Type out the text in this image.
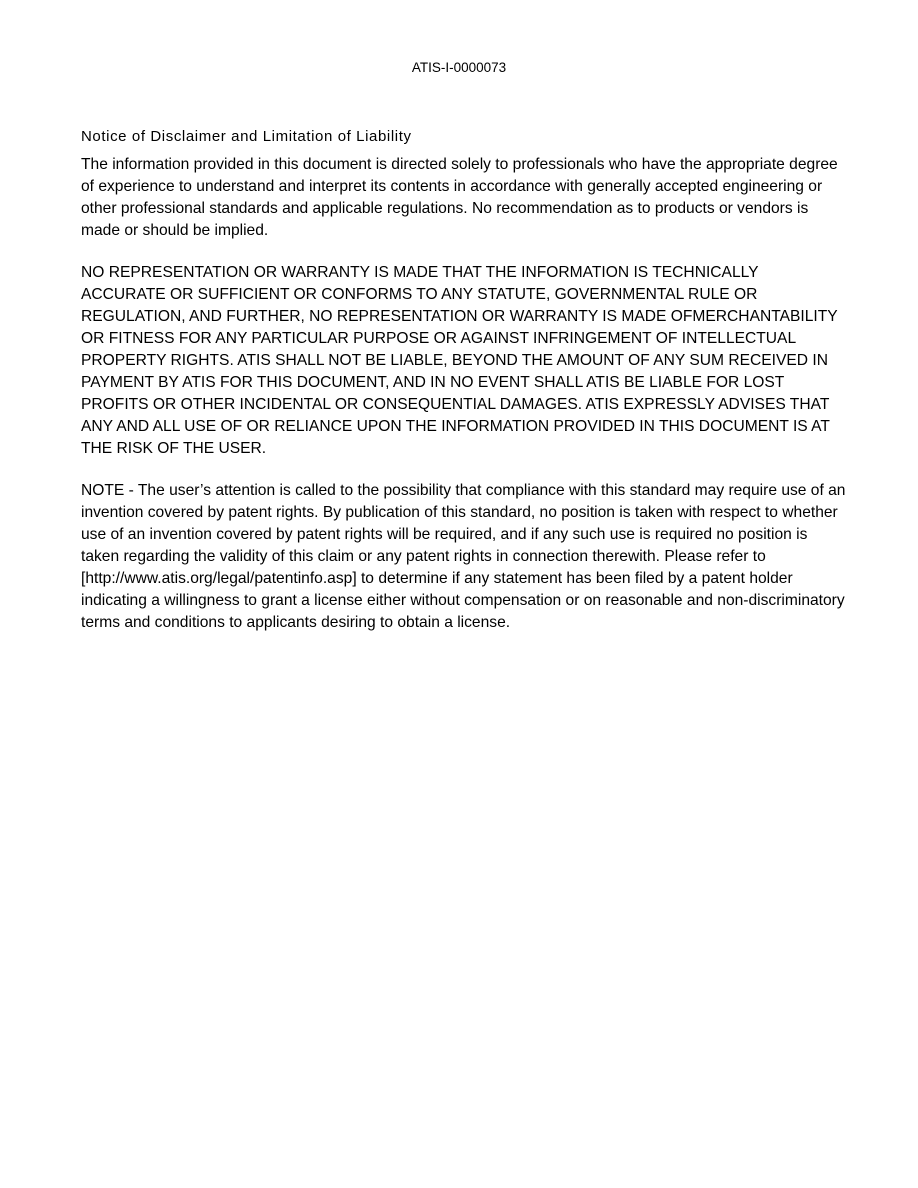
ATIS-I-0000073
Notice of Disclaimer and Limitation of Liability

The information provided in this document is directed solely to professionals who have the appropriate degree of experience to understand and interpret its contents in accordance with generally accepted engineering or other professional standards and applicable regulations. No recommendation as to products or vendors is made or should be implied.

NO REPRESENTATION OR WARRANTY IS MADE THAT THE INFORMATION IS TECHNICALLY ACCURATE OR SUFFICIENT OR CONFORMS TO ANY STATUTE, GOVERNMENTAL RULE OR REGULATION, AND FURTHER, NO REPRESENTATION OR WARRANTY IS MADE OFMERCHANTABILITY OR FITNESS FOR ANY PARTICULAR PURPOSE OR AGAINST INFRINGEMENT OF INTELLECTUAL PROPERTY RIGHTS. ATIS SHALL NOT BE LIABLE, BEYOND THE AMOUNT OF ANY SUM RECEIVED IN PAYMENT BY ATIS FOR THIS DOCUMENT, AND IN NO EVENT SHALL ATIS BE LIABLE FOR LOST PROFITS OR OTHER INCIDENTAL OR CONSEQUENTIAL DAMAGES. ATIS EXPRESSLY ADVISES THAT ANY AND ALL USE OF OR RELIANCE UPON THE INFORMATION PROVIDED IN THIS DOCUMENT IS AT THE RISK OF THE USER.

NOTE - The user’s attention is called to the possibility that compliance with this standard may require use of an invention covered by patent rights. By publication of this standard, no position is taken with respect to whether use of an invention covered by patent rights will be required, and if any such use is required no position is taken regarding the validity of this claim or any patent rights in connection therewith. Please refer to [http://www.atis.org/legal/patentinfo.asp] to determine if any statement has been filed by a patent holder indicating a willingness to grant a license either without compensation or on reasonable and non-discriminatory terms and conditions to applicants desiring to obtain a license.
